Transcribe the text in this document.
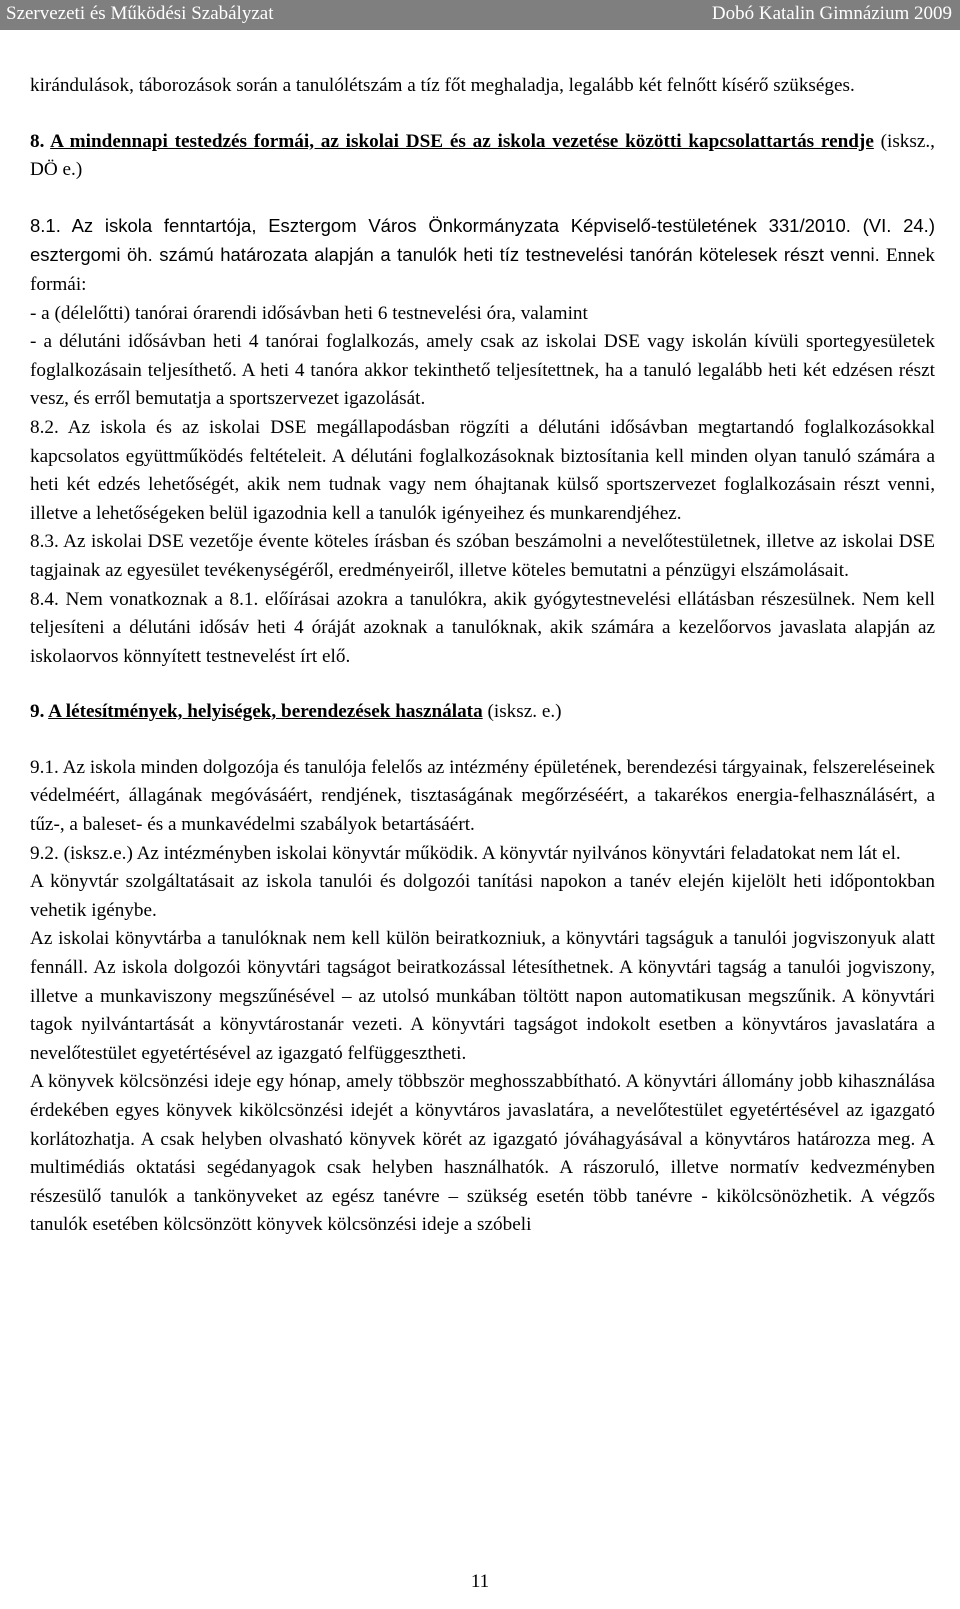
Szervezeti és Működési Szabályzat	Dobó Katalin Gimnázium 2009

kirándulások, táborozások során a tanulólétszám a tíz főt meghaladja, legalább két felnőtt kísérő szükséges.

8. A mindennapi testedzés formái, az iskolai DSE és az iskola vezetése közötti kapcsolattartás rendje (isksz., DÖ e.)

8.1. Az iskola fenntartója, Esztergom Város Önkormányzata Képviselő-testületének 331/2010. (VI. 24.) esztergomi öh. számú határozata alapján a tanulók heti tíz testnevelési tanórán kötelesek részt venni. Ennek formái:

- a (délelőtti) tanórai órarendi idősávban heti 6 testnevelési óra, valamint

- a délutáni idősávban heti 4 tanórai foglalkozás, amely csak az iskolai DSE vagy iskolán kívüli sportegyesületek foglalkozásain teljesíthető. A heti 4 tanóra akkor tekinthető teljesítettnek, ha a tanuló legalább heti két edzésen részt vesz, és erről bemutatja a sportszervezet igazolását.

8.2. Az iskola és az iskolai DSE megállapodásban rögzíti a délutáni idősávban megtartandó foglalkozásokkal kapcsolatos együttműködés feltételeit. A délutáni foglalkozásoknak biztosítania kell minden olyan tanuló számára a heti két edzés lehetőségét, akik nem tudnak vagy nem óhajtanak külső sportszervezet foglalkozásain részt venni, illetve a lehetőségeken belül igazodnia kell a tanulók igényeihez és munkarendjéhez.

8.3. Az iskolai DSE vezetője évente köteles írásban és szóban beszámolni a nevelőtestületnek, illetve az iskolai DSE tagjainak az egyesület tevékenységéről, eredményeiről, illetve köteles bemutatni a pénzügyi elszámolásait.

8.4. Nem vonatkoznak a 8.1. előírásai azokra a tanulókra, akik gyógytestnevelési ellátásban részesülnek. Nem kell teljesíteni a délutáni idősáv heti 4 óráját azoknak a tanulóknak, akik számára a kezelőorvos javaslata alapján az iskolaorvos könnyített testnevelést írt elő.

9. A létesítmények, helyiségek, berendezések használata (isksz. e.)

9.1. Az iskola minden dolgozója és tanulója felelős az intézmény épületének, berendezési tárgyainak, felszereléseinek védelméért, állagának megóvásáért, rendjének, tisztaságának megőrzéséért, a takarékos energia-felhasználásért, a tűz-, a baleset- és a munkavédelmi szabályok betartásáért.

9.2. (isksz.e.) Az intézményben iskolai könyvtár működik. A könyvtár nyilvános könyvtári feladatokat nem lát el.

A könyvtár szolgáltatásait az iskola tanulói és dolgozói tanítási napokon a tanév elején kijelölt heti időpontokban vehetik igénybe.

Az iskolai könyvtárba a tanulóknak nem kell külön beiratkozniuk, a könyvtári tagságuk a tanulói jogviszonyuk alatt fennáll. Az iskola dolgozói könyvtári tagságot beiratkozással létesíthetnek. A könyvtári tagság a tanulói jogviszony, illetve a munkaviszony megszűnésével – az utolsó munkában töltött napon automatikusan megszűnik. A könyvtári tagok nyilvántartását a könyvtárostanár vezeti. A könyvtári tagságot indokolt esetben a könyvtáros javaslatára a nevelőtestület egyetértésével az igazgató felfüggesztheti.

A könyvek kölcsönzési ideje egy hónap, amely többször meghosszabbítható. A könyvtári állomány jobb kihasználása érdekében egyes könyvek kikölcsönzési idejét a könyvtáros javaslatára, a nevelőtestület egyetértésével az igazgató korlátozhatja. A csak helyben olvasható könyvek körét az igazgató jóváhagyásával a könyvtáros határozza meg. A multimédiás oktatási segédanyagok csak helyben használhatók. A rászoruló, illetve normatív kedvezményben részesülő tanulók a tankönyveket az egész tanévre – szükség esetén több tanévre - kikölcsönözhetik. A végzős tanulók esetében kölcsönzött könyvek kölcsönzési ideje a szóbeli

11
